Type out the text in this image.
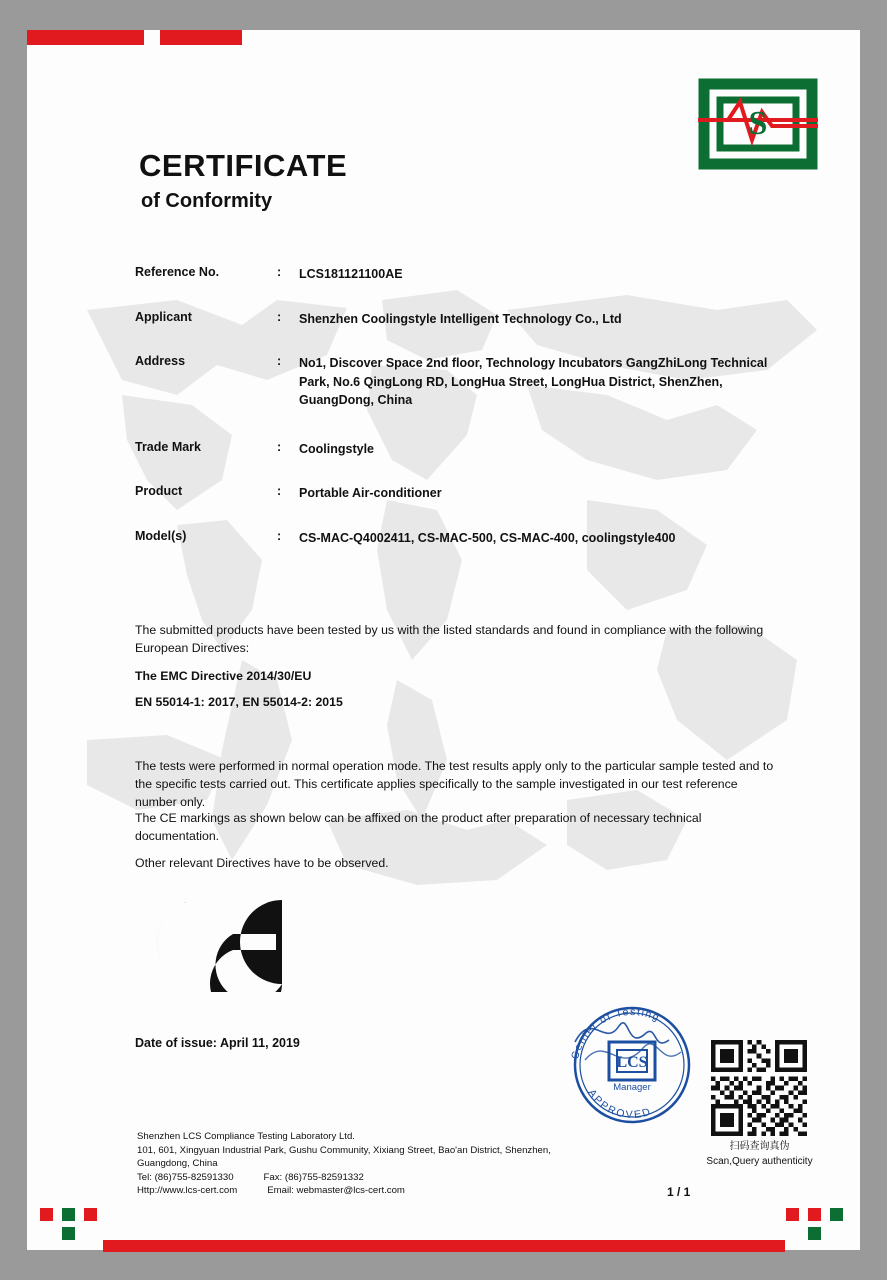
S
CERTIFICATE
of Conformity
Reference No.	:	LCS181121100AE
Applicant	:	Shenzhen Coolingstyle Intelligent Technology Co., Ltd
Address	:	No1, Discover Space 2nd floor, Technology Incubators GangZhiLong Technical Park, No.6 QingLong RD, LongHua Street, LongHua District, ShenZhen, GuangDong, China
Trade Mark	:	Coolingstyle
Product	:	Portable Air-conditioner
Model(s)	:	CS-MAC-Q4002411, CS-MAC-500, CS-MAC-400, coolingstyle400
The submitted products have been tested by us with the listed standards and found in compliance with the following European Directives:
The EMC Directive 2014/30/EU
EN 55014-1: 2017, EN 55014-2: 2015
The tests were performed in normal operation mode. The test results apply only to the particular sample tested and to the specific tests carried out. This certificate applies specifically to the sample investigated in our test reference number only.
The CE markings as shown below can be affixed on the product after preparation of necessary technical documentation.
Other relevant Directives have to be observed.
Date of issue: April 11, 2019
LCS
Center of Testing
APPROVED
Manager
扫码查询真伪
Scan,Query authenticity
Shenzhen LCS Compliance Testing Laboratory Ltd.
101, 601, Xingyuan Industrial Park, Gushu Community, Xixiang Street, Bao'an District, Shenzhen,
Guangdong, China
Tel: (86)755-82591330	Fax: (86)755-82591332
Http://www.lcs-cert.com	Email: webmaster@lcs-cert.com	1 / 1
